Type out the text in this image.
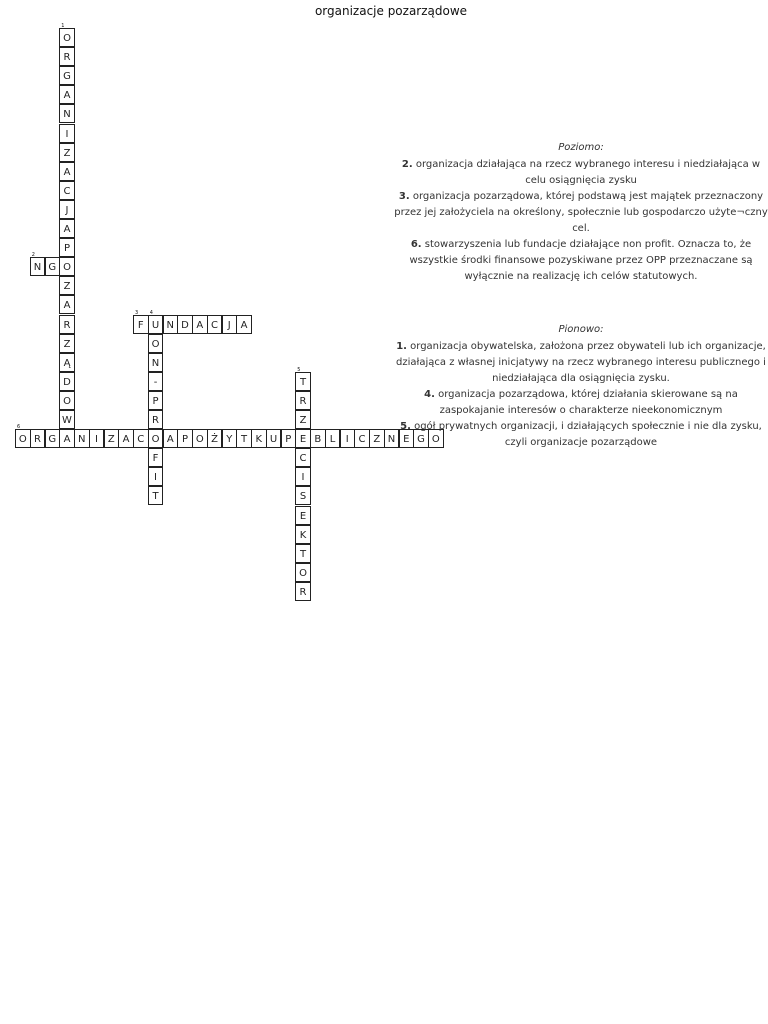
organizacje pozarządowe
O
1
R
G
A
N
I
Z
A
C
J
A
P
O
Z
A
R
Z
Ą
D
O
W
A
N
2
G
F
3
U
4
N D A C J A
O
N
-
P
R
O
F
I
T
T
5
R
Z
E
C
I
S
E
K
T
O
R
O
6
R G	N I Z A C	A P O Ż Y T K U P	B L	I C Z N E G O
Poziomo:
2. organizacja działająca na rzecz wybranego interesu i niedziałająca w celu osiągnięcia zysku
3. organizacja pozarządowa, której podstawą jest majątek przeznaczony przez jej założyciela na określony, społecznie lub gospodarczo użyte¬czny cel.
6. stowarzyszenia lub fundacje działające non profit. Oznacza to, że wszystkie środki finansowe pozyskiwane przez OPP przeznaczane są wyłącznie na realizację ich celów statutowych.
Pionowo:
1. organizacja obywatelska, założona przez obywateli lub ich organizacje, działająca z własnej inicjatywy na rzecz wybranego interesu publicznego i niedziałająca dla osiągnięcia zysku.
4. organizacja pozarządowa, której działania skierowane są na zaspokajanie interesów o charakterze nieekonomicznym
5. ogół prywatnych organizacji, i działających społecznie i nie dla zysku, czyli organizacje pozarządowe
